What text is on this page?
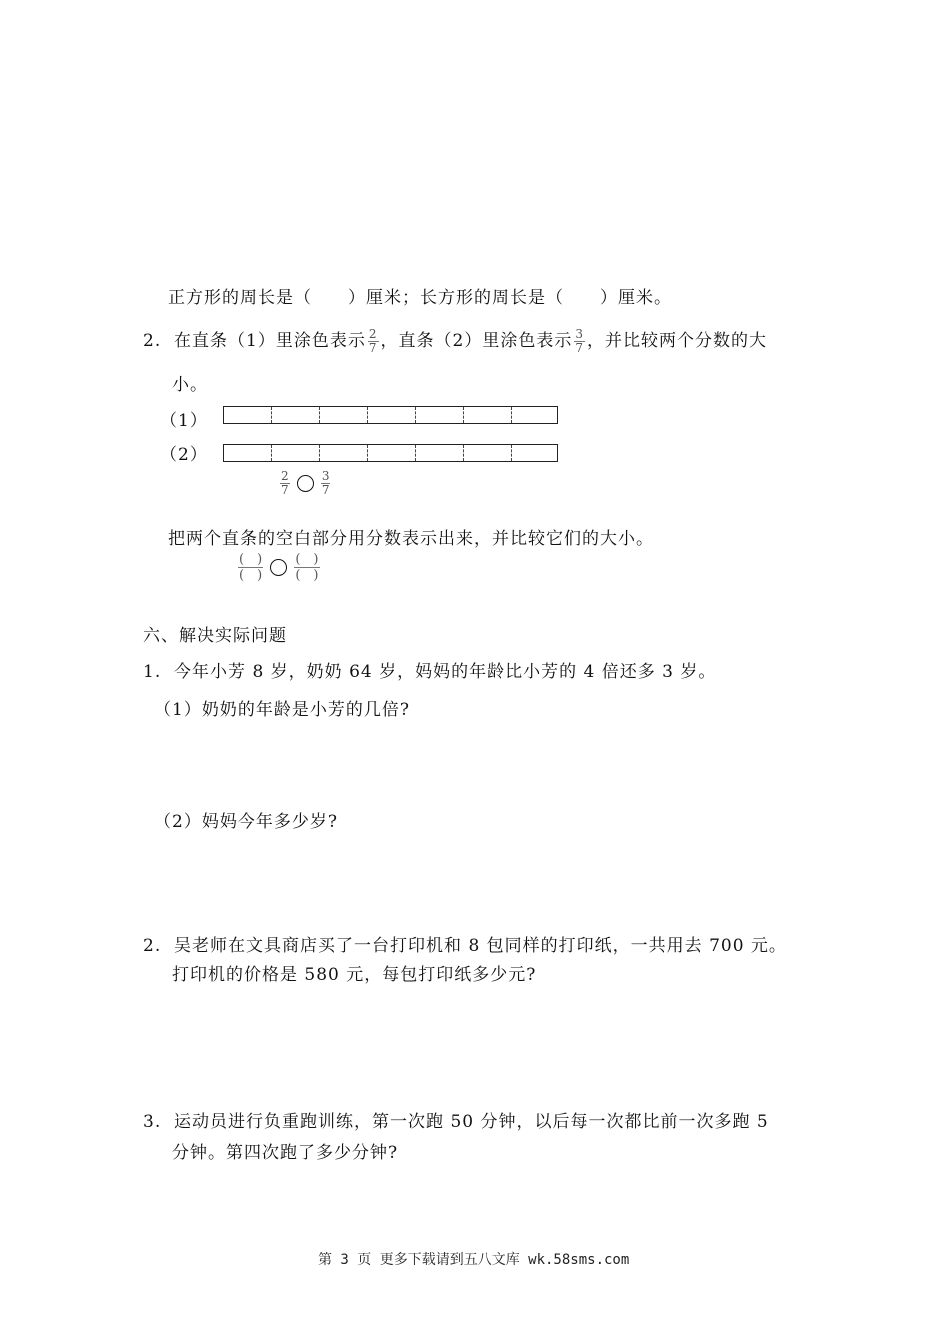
正方形的周长是（　　）厘米；长方形的周长是（　　）厘米。
2. 在直条（1）里涂色表示 $\frac{2}{7}$ ，直条（2）里涂色表示 $\frac{3}{7}$ ，并比较两个分数的大
小。
（1）
（2）
$\frac{2}{7}$
	$\frac{3}{7}$
把两个直条的空白部分用分数表示出来，并比较它们的大小。
$\frac{( )}{( )}$
$\frac{( )}{( )}$
六、解决实际问题
1. 今年小芳 8 岁，奶奶 64 岁，妈妈的年龄比小芳的 4 倍还多 3 岁。
（1）奶奶的年龄是小芳的几倍?
（2）妈妈今年多少岁?
2. 吴老师在文具商店买了一台打印机和 8 包同样的打印纸，一共用去 700 元。
打印机的价格是 580 元，每包打印纸多少元?
3. 运动员进行负重跑训练，第一次跑 50 分钟，以后每一次都比前一次多跑 5
分钟。第四次跑了多少分钟?
第 3 页 更多下载请到五八文库 wk.58sms.com
